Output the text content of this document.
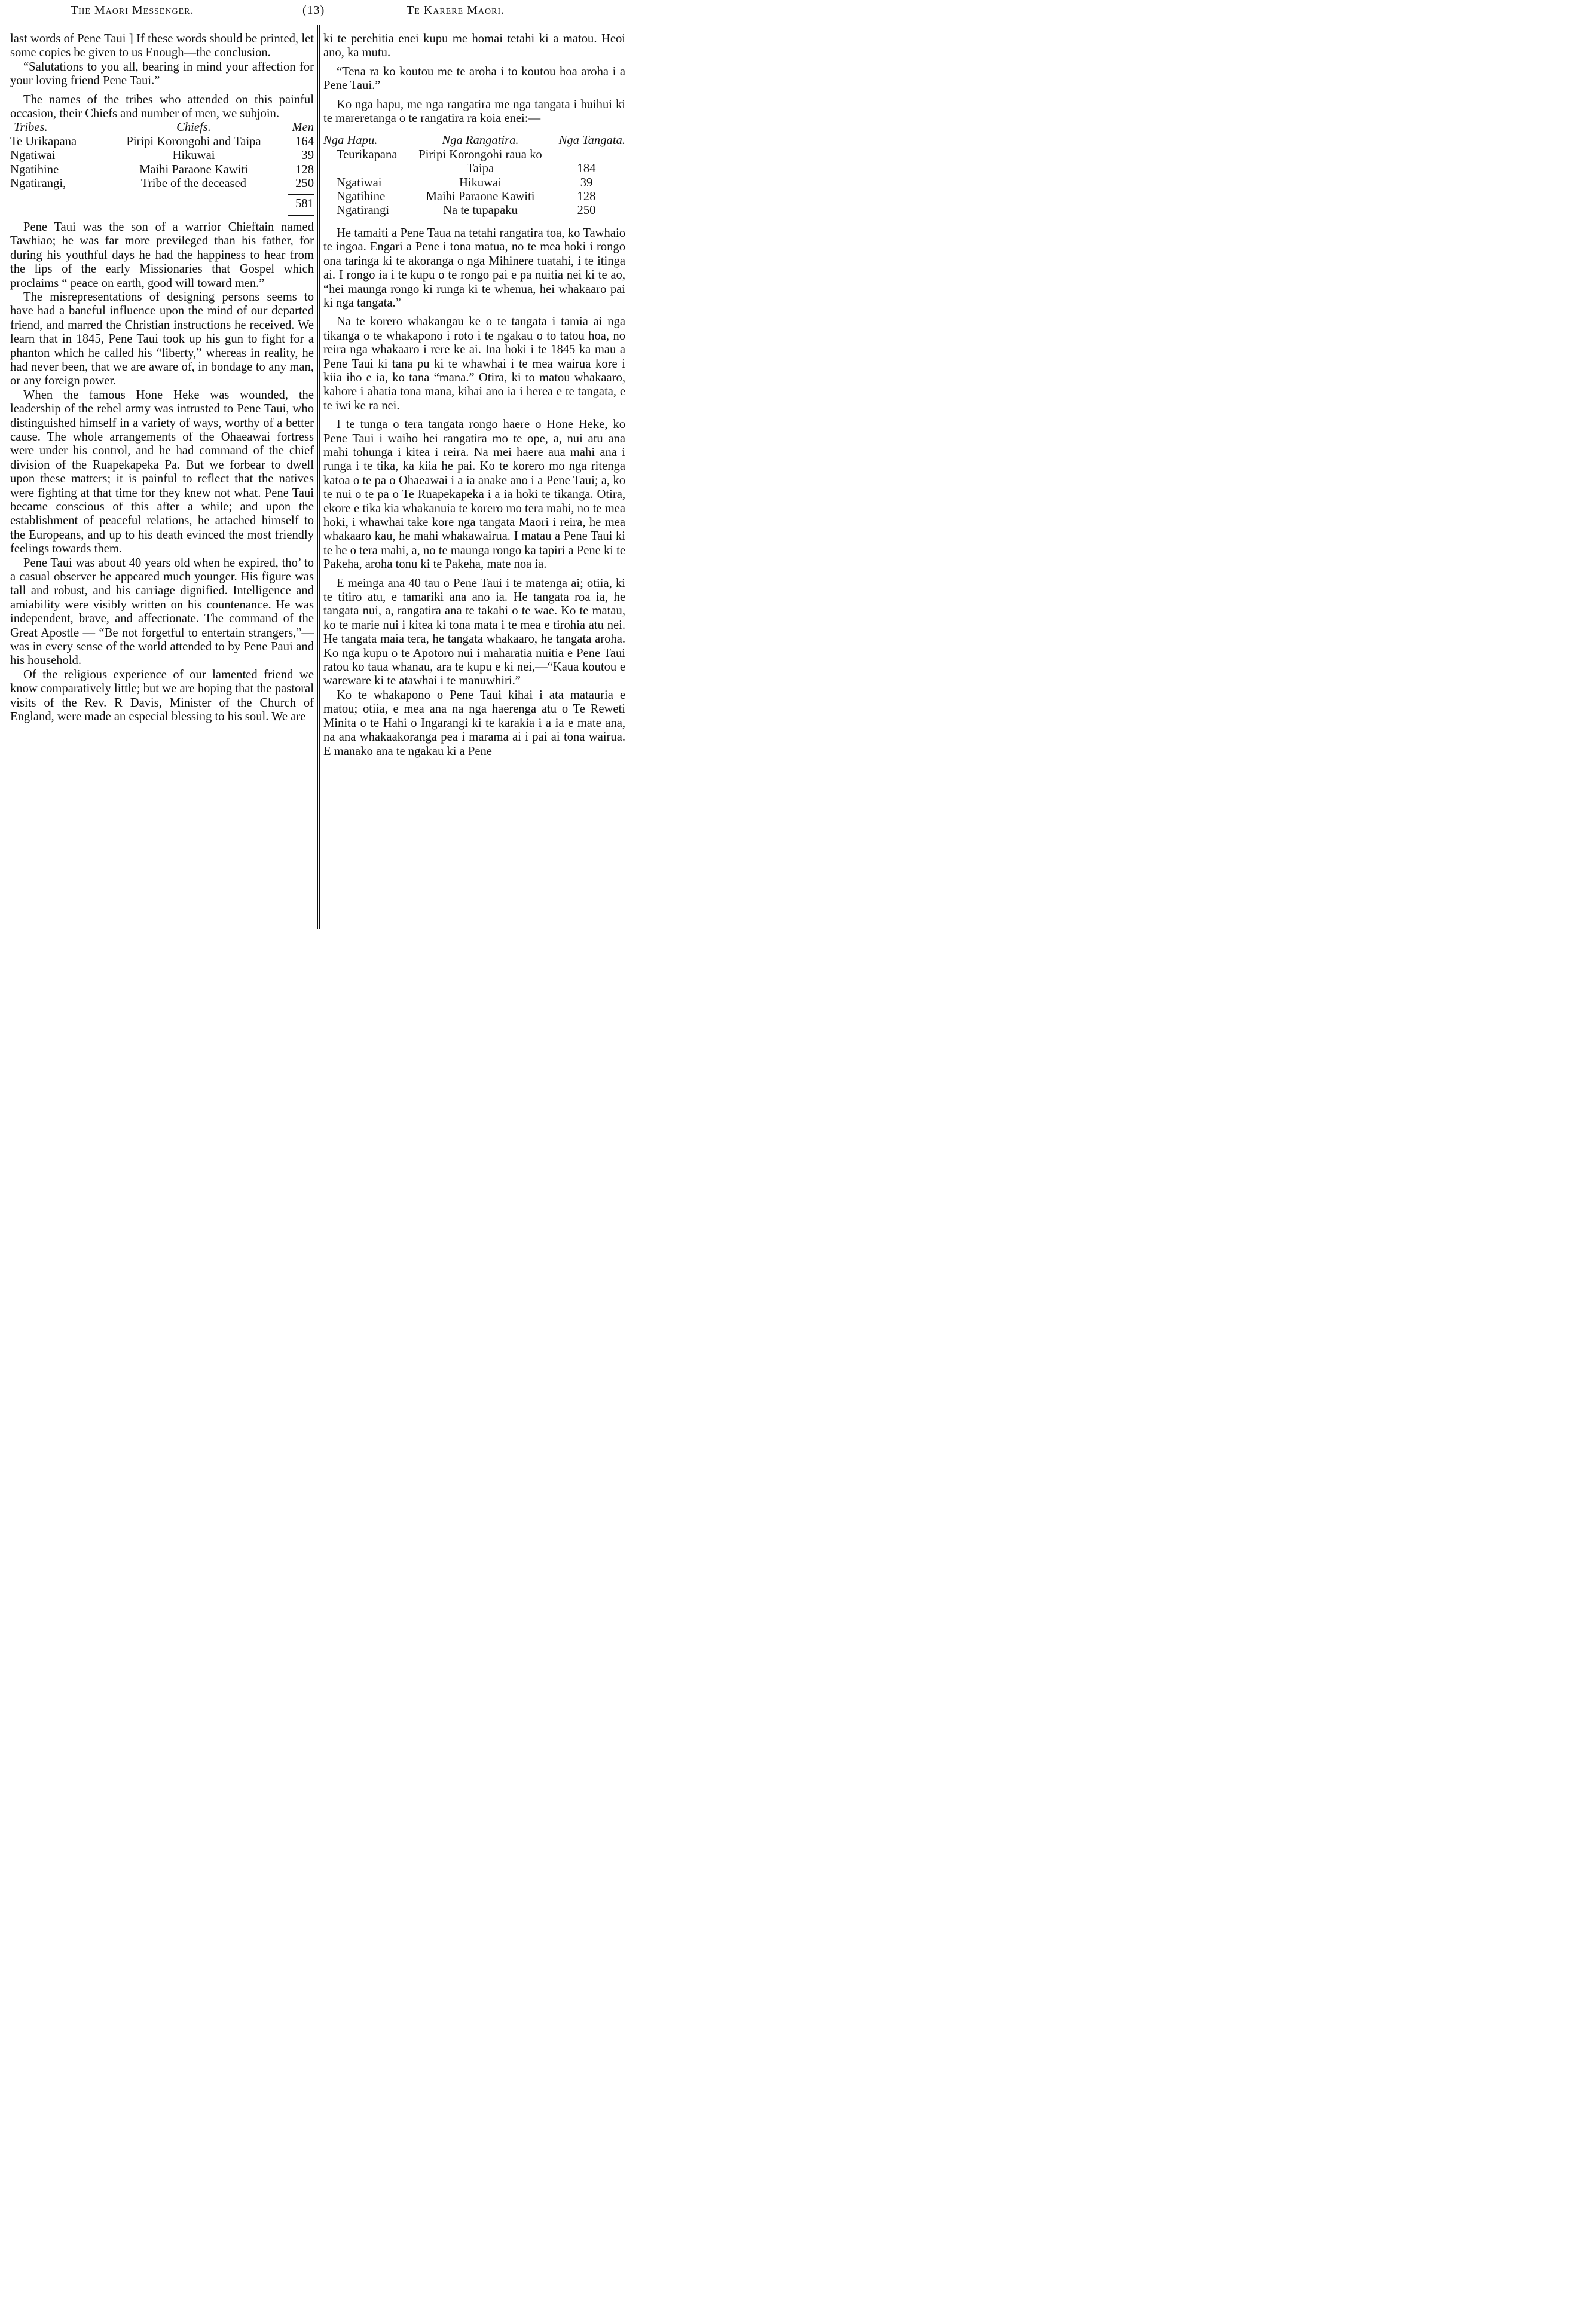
The Maori Messenger.	(13)	Te Karere Maori.

last words of Pene Taui ] If these words should be printed, let some copies be given to us Enough—the conclusion.

“Salutations to you all, bearing in mind your affection for your loving friend Pene Taui.”

The names of the tribes who attended on this painful occasion, their Chiefs and number of men, we subjoin.

Tribes.	Chiefs.	Men
Te Urikapana	Piripi Korongohi and Taipa	164
Ngatiwai	Hikuwai	39
Ngatihine	Maihi Paraone Kawiti	128
Ngatirangi,	Tribe of the deceased	250

		581

Pene Taui was the son of a warrior Chieftain named Tawhiao; he was far more previleged than his father, for during his youthful days he had the happiness to hear from the lips of the early Missionaries that Gospel which proclaims “ peace on earth, good will toward men.”

The misrepresentations of designing persons seems to have had a baneful influence upon the mind of our departed friend, and marred the Christian instructions he received. We learn that in 1845, Pene Taui took up his gun to fight for a phanton which he called his “liberty,” whereas in reality, he had never been, that we are aware of, in bondage to any man, or any foreign power.

When the famous Hone Heke was wounded, the leadership of the rebel army was intrusted to Pene Taui, who distinguished himself in a variety of ways, worthy of a better cause. The whole arrangements of the Ohaeawai fortress were under his control, and he had command of the chief division of the Ruapekapeka Pa. But we forbear to dwell upon these matters; it is painful to reflect that the natives were fighting at that time for they knew not what. Pene Taui became conscious of this after a while; and upon the establishment of peaceful relations, he attached himself to the Europeans, and up to his death evinced the most friendly feelings towards them.

Pene Taui was about 40 years old when he expired, tho’ to a casual observer he appeared much younger. His figure was tall and robust, and his carriage dignified. Intelligence and amiability were visibly written on his countenance. He was independent, brave, and affectionate. The command of the Great Apostle — “Be not forgetful to entertain strangers,”—was in every sense of the world attended to by Pene Paui and his household.

Of the religious experience of our lamented friend we know comparatively little; but we are hoping that the pastoral visits of the Rev. R Davis, Minister of the Church of England, were made an especial blessing to his soul. We are

ki te perehitia enei kupu me homai tetahi ki a matou. Heoi ano, ka mutu.

“Tena ra ko koutou me te aroha i to koutou hoa aroha i a Pene Taui.”

Ko nga hapu, me nga rangatira me nga tangata i huihui ki te mareretanga o te rangatira ra koia enei:—

Nga Hapu.	Nga Rangatira.	Nga Tangata.
Teurikapana	Piripi Korongohi raua ko Taipa	184
Ngatiwai	Hikuwai	39
Ngatihine	Maihi Paraone Kawiti	128
Ngatirangi	Na te tupapaku	250

He tamaiti a Pene Taua na tetahi rangatira toa, ko Tawhaio te ingoa. Engari a Pene i tona matua, no te mea hoki i rongo ona taringa ki te akoranga o nga Mihinere tuatahi, i te itinga ai. I rongo ia i te kupu o te rongo pai e pa nuitia nei ki te ao, “hei maunga rongo ki runga ki te whenua, hei whakaaro pai ki nga tangata.”

Na te korero whakangau ke o te tangata i tamia ai nga tikanga o te whakapono i roto i te ngakau o to tatou hoa, no reira nga whakaaro i rere ke ai. Ina hoki i te 1845 ka mau a Pene Taui ki tana pu ki te whawhai i te mea wairua kore i kiia iho e ia, ko tana “mana.” Otira, ki to matou whakaaro, kahore i ahatia tona mana, kihai ano ia i herea e te tangata, e te iwi ke ra nei.

I te tunga o tera tangata rongo haere o Hone Heke, ko Pene Taui i waiho hei rangatira mo te ope, a, nui atu ana mahi tohunga i kitea i reira. Na mei haere aua mahi ana i runga i te tika, ka kiia he pai. Ko te korero mo nga ritenga katoa o te pa o Ohaeawai i a ia anake ano i a Pene Taui; a, ko te nui o te pa o Te Ruapekapeka i a ia hoki te tikanga. Otira, ekore e tika kia whakanuia te korero mo tera mahi, no te mea hoki, i whawhai take kore nga tangata Maori i reira, he mea whakaaro kau, he mahi whakawairua. I matau a Pene Taui ki te he o tera mahi, a, no te maunga rongo ka tapiri a Pene ki te Pakeha, aroha tonu ki te Pakeha, mate noa ia.

E meinga ana 40 tau o Pene Taui i te matenga ai; otiia, ki te titiro atu, e tamariki ana ano ia. He tangata roa ia, he tangata nui, a, rangatira ana te takahi o te wae. Ko te matau, ko te marie nui i kitea ki tona mata i te mea e tirohia atu nei. He tangata maia tera, he tangata whakaaro, he tangata aroha. Ko nga kupu o te Apotoro nui i maharatia nuitia e Pene Taui ratou ko taua whanau, ara te kupu e ki nei,—“Kaua koutou e wareware ki te atawhai i te manuwhiri.”

Ko te whakapono o Pene Taui kihai i ata matauria e matou; otiia, e mea ana na nga haerenga atu o Te Reweti Minita o te Hahi o Ingarangi ki te karakia i a ia e mate ana, na ana whakaakoranga pea i marama ai i pai ai tona wairua. E manako ana te ngakau ki a Pene
